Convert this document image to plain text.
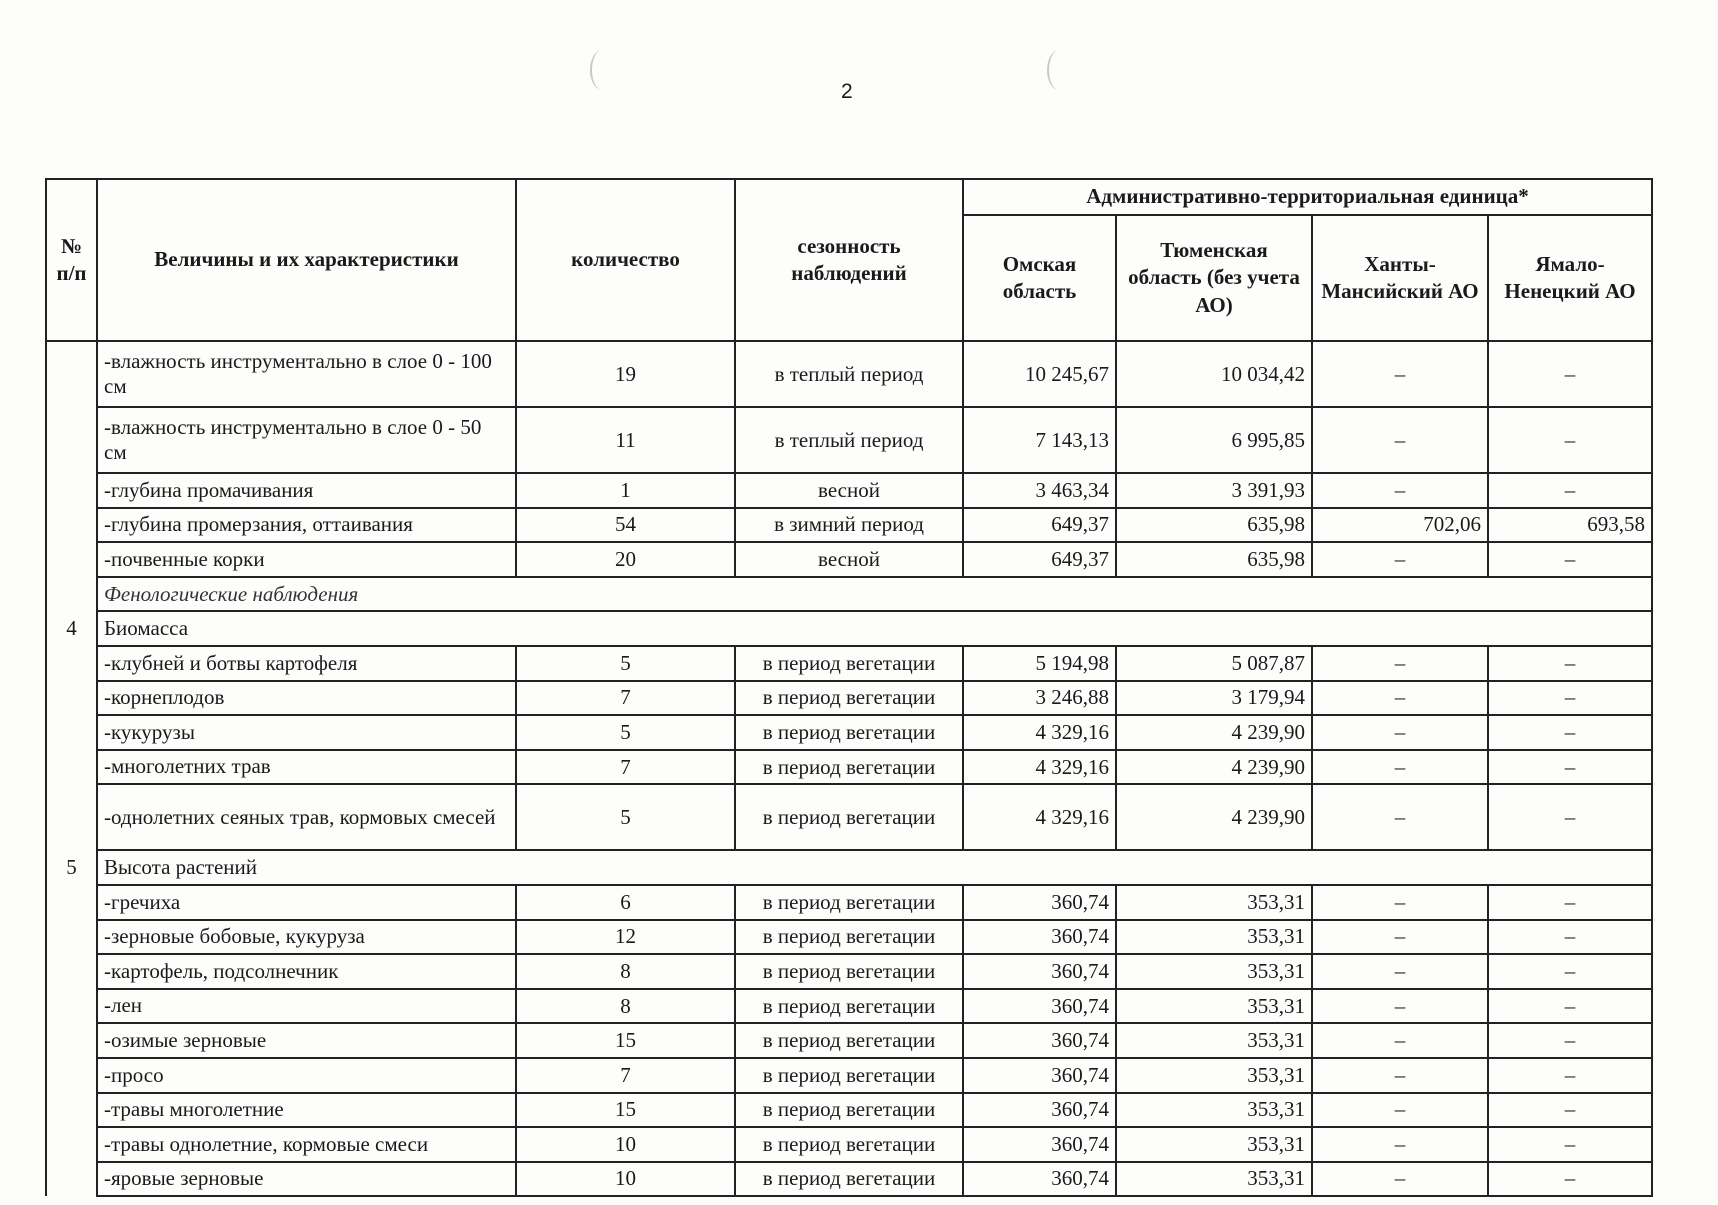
2
№ п/п	Величины и их характеристики	количество	сезонность наблюдений	Административно-территориальная единица*			
				Омская область	Тюменская область (без учета АО)	Ханты-Мансийский АО	Ямало-Ненецкий АО
	-влажность инструментально в слое 0 - 100 см	19	в теплый период	10 245,67	10 034,42	–	–
	-влажность инструментально в слое 0 - 50 см	11	в теплый период	7 143,13	6 995,85	–	–
	-глубина промачивания	1	весной	3 463,34	3 391,93	–	–
	-глубина промерзания, оттаивания	54	в зимний период	649,37	635,98	702,06	693,58
	-почвенные корки	20	весной	649,37	635,98	–	–
	Фенологические наблюдения						
4	Биомасса						
	-клубней и ботвы картофеля	5	в период вегетации	5 194,98	5 087,87	–	–
	-корнеплодов	7	в период вегетации	3 246,88	3 179,94	–	–
	-кукурузы	5	в период вегетации	4 329,16	4 239,90	–	–
	-многолетних трав	7	в период вегетации	4 329,16	4 239,90	–	–
	-однолетних сеяных трав, кормовых смесей	5	в период вегетации	4 329,16	4 239,90	–	–
5	Высота растений						
	-гречиха	6	в период вегетации	360,74	353,31	–	–
	-зерновые бобовые, кукуруза	12	в период вегетации	360,74	353,31	–	–
	-картофель, подсолнечник	8	в период вегетации	360,74	353,31	–	–
	-лен	8	в период вегетации	360,74	353,31	–	–
	-озимые зерновые	15	в период вегетации	360,74	353,31	–	–
	-просо	7	в период вегетации	360,74	353,31	–	–
	-травы многолетние	15	в период вегетации	360,74	353,31	–	–
	-травы однолетние, кормовые смеси	10	в период вегетации	360,74	353,31	–	–
	-яровые зерновые	10	в период вегетации	360,74	353,31	–	–
